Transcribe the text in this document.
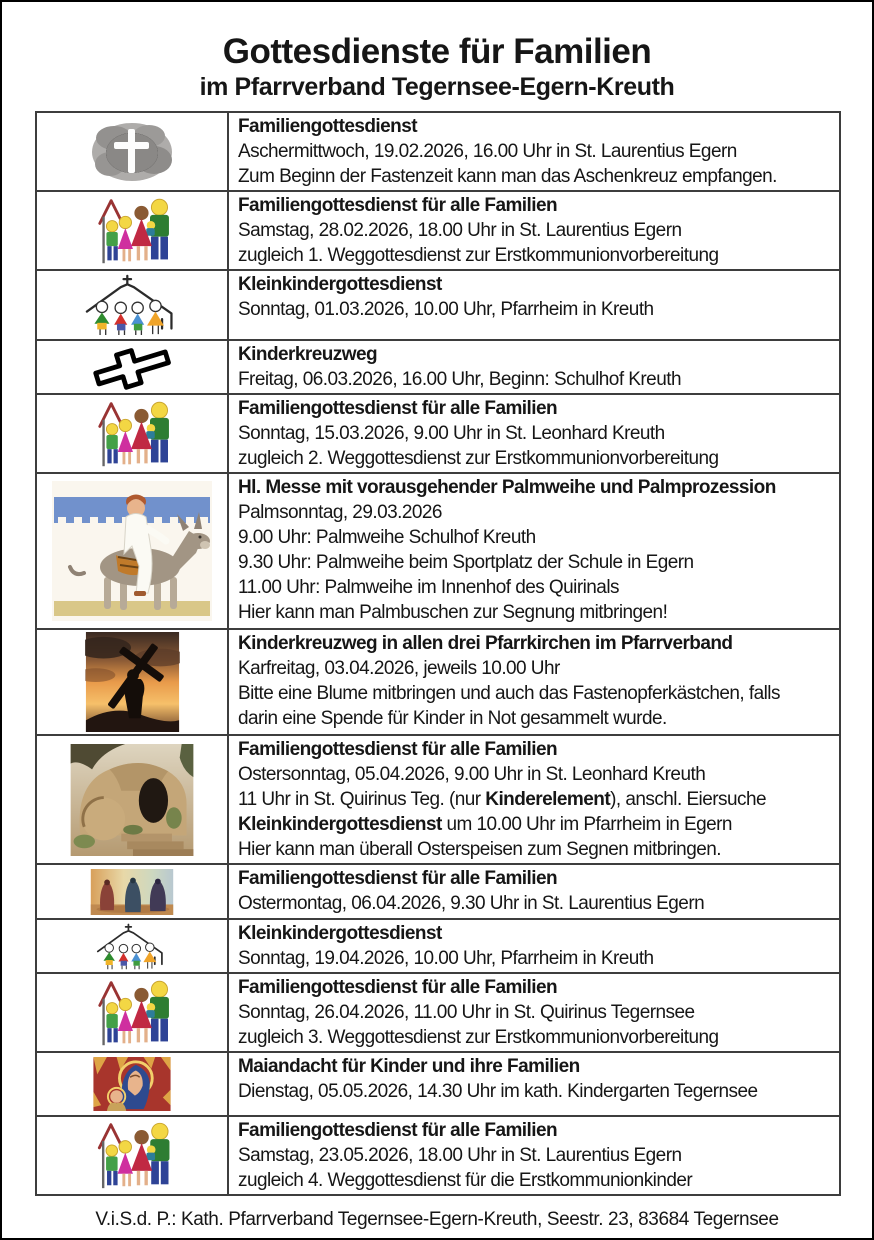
Gottesdienste für Familien
im Pfarrverband Tegernsee-Egern-Kreuth
Familiengottesdienst
Aschermittwoch, 19.02.2026, 16.00 Uhr in St. Laurentius Egern
Zum Beginn der Fastenzeit kann man das Aschenkreuz empfangen.
Familiengottesdienst für alle Familien
Samstag, 28.02.2026, 18.00 Uhr in St. Laurentius Egern
zugleich 1. Weggottesdienst zur Erstkommunionvorbereitung
Kleinkindergottesdienst
Sonntag, 01.03.2026, 10.00 Uhr, Pfarrheim in Kreuth
Kinderkreuzweg
Freitag, 06.03.2026, 16.00 Uhr, Beginn: Schulhof Kreuth
Familiengottesdienst für alle Familien
Sonntag, 15.03.2026, 9.00 Uhr in St. Leonhard Kreuth
zugleich 2. Weggottesdienst zur Erstkommunionvorbereitung
Hl. Messe mit vorausgehender Palmweihe und Palmprozession
Palmsonntag, 29.03.2026
9.00 Uhr: Palmweihe Schulhof Kreuth
9.30 Uhr: Palmweihe beim Sportplatz der Schule in Egern
11.00 Uhr: Palmweihe im Innenhof des Quirinals
Hier kann man Palmbuschen zur Segnung mitbringen!
Kinderkreuzweg in allen drei Pfarrkirchen im Pfarrverband
Karfreitag, 03.04.2026, jeweils 10.00 Uhr
Bitte eine Blume mitbringen und auch das Fastenopferkästchen, falls
darin eine Spende für Kinder in Not gesammelt wurde.
Familiengottesdienst für alle Familien
Ostersonntag, 05.04.2026, 9.00 Uhr in St. Leonhard Kreuth
11 Uhr in St. Quirinus Teg. (nur Kinderelement), anschl. Eiersuche
Kleinkindergottesdienst um 10.00 Uhr im Pfarrheim in Egern
Hier kann man überall Osterspeisen zum Segnen mitbringen.
Familiengottesdienst für alle Familien
Ostermontag, 06.04.2026, 9.30 Uhr in St. Laurentius Egern
Kleinkindergottesdienst
Sonntag, 19.04.2026, 10.00 Uhr, Pfarrheim in Kreuth
Familiengottesdienst für alle Familien
Sonntag, 26.04.2026, 11.00 Uhr in St. Quirinus Tegernsee
zugleich 3. Weggottesdienst zur Erstkommunionvorbereitung
Maiandacht für Kinder und ihre Familien
Dienstag, 05.05.2026, 14.30 Uhr im kath. Kindergarten Tegernsee
Familiengottesdienst für alle Familien
Samstag, 23.05.2026, 18.00 Uhr in St. Laurentius Egern
zugleich 4. Weggottesdienst für die Erstkommunionkinder
V.i.S.d. P.: Kath. Pfarrverband Tegernsee-Egern-Kreuth, Seestr. 23, 83684 Tegernsee
